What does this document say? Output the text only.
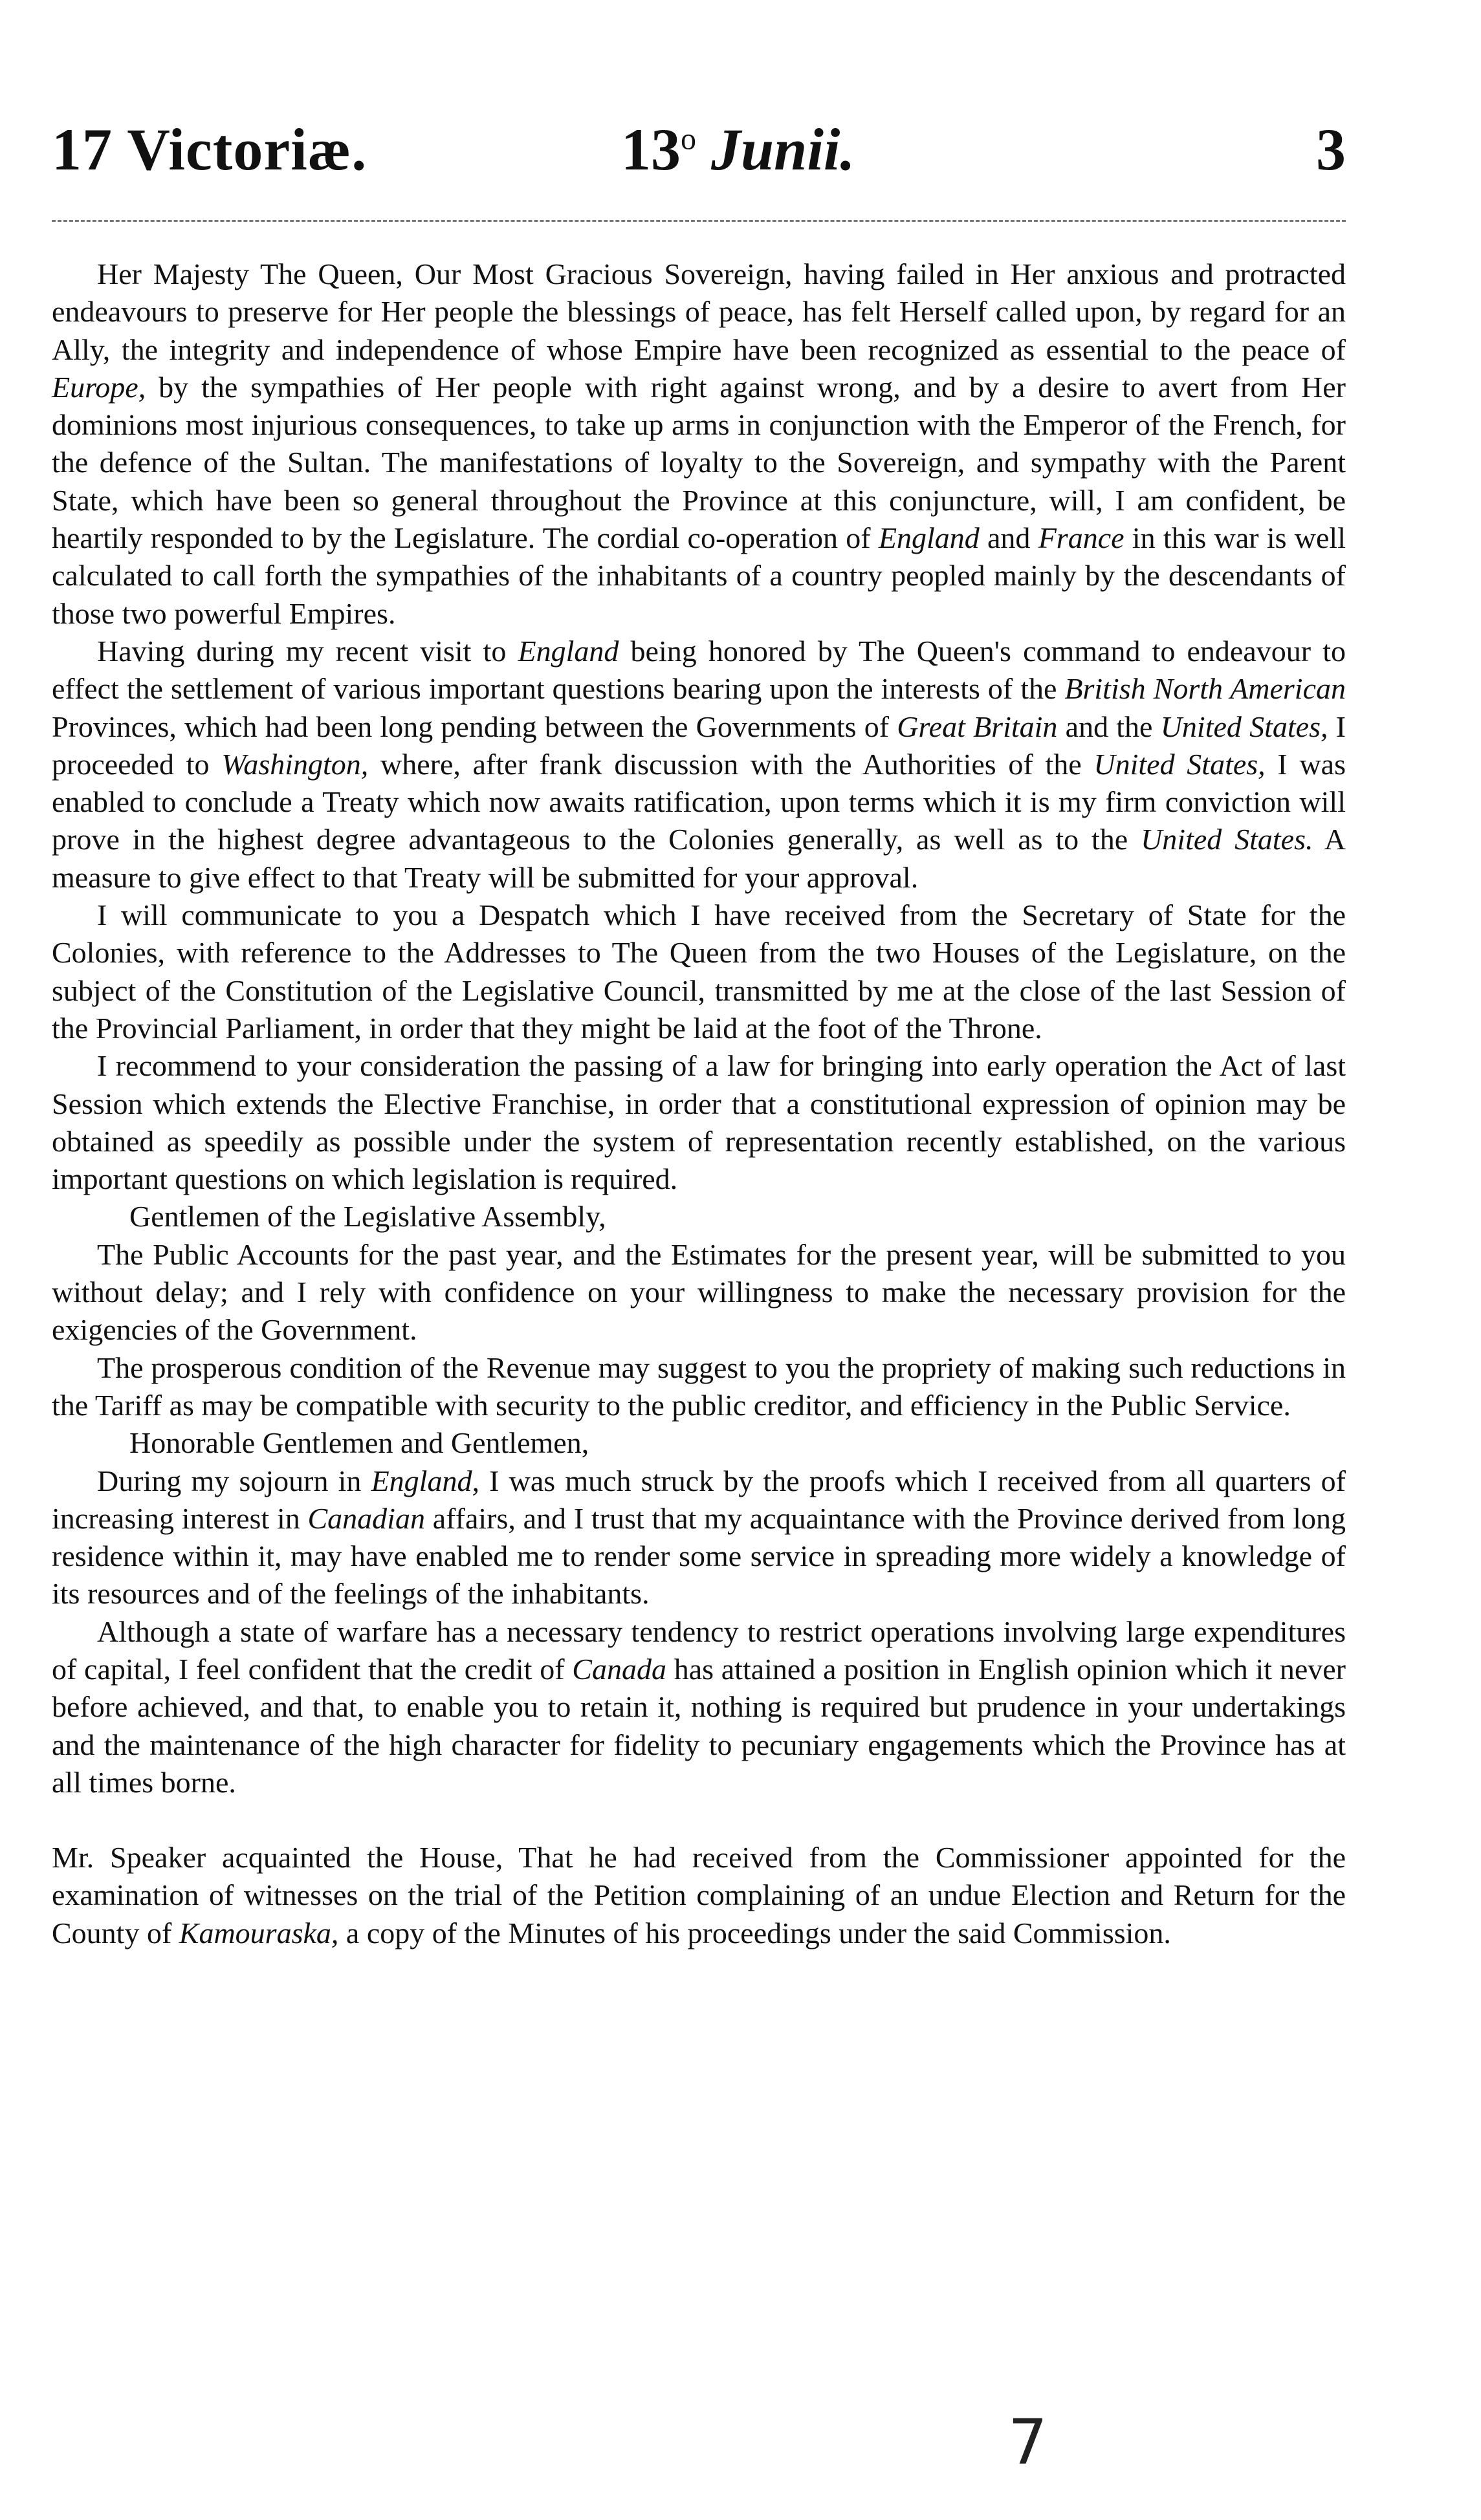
17 Victoriæ.	13$^o$ Junii.	3

Her Majesty The Queen, Our Most Gracious Sovereign, having failed in Her anxious and protracted endeavours to preserve for Her people the blessings of peace, has felt Herself called upon, by regard for an Ally, the integrity and independence of whose Empire have been recognized as essential to the peace of Europe, by the sympathies of Her people with right against wrong, and by a desire to avert from Her dominions most injurious consequences, to take up arms in conjunction with the Emperor of the French, for the defence of the Sultan. The manifestations of loyalty to the Sovereign, and sympathy with the Parent State, which have been so general throughout the Province at this conjuncture, will, I am confident, be heartily responded to by the Legislature. The cordial co-operation of England and France in this war is well calculated to call forth the sympathies of the inhabitants of a country peopled mainly by the descendants of those two powerful Empires.

Having during my recent visit to England being honored by The Queen's command to endeavour to effect the settlement of various important questions bearing upon the interests of the British North American Provinces, which had been long pending between the Governments of Great Britain and the United States, I proceeded to Washington, where, after frank discussion with the Authorities of the United States, I was enabled to conclude a Treaty which now awaits ratification, upon terms which it is my firm conviction will prove in the highest degree advantageous to the Colonies generally, as well as to the United States. A measure to give effect to that Treaty will be submitted for your approval.

I will communicate to you a Despatch which I have received from the Secretary of State for the Colonies, with reference to the Addresses to The Queen from the two Houses of the Legislature, on the subject of the Constitution of the Legislative Council, transmitted by me at the close of the last Session of the Provincial Parliament, in order that they might be laid at the foot of the Throne.

I recommend to your consideration the passing of a law for bringing into early operation the Act of last Session which extends the Elective Franchise, in order that a constitutional expression of opinion may be obtained as speedily as possible under the system of representation recently established, on the various important questions on which legislation is required.

Gentlemen of the Legislative Assembly,

The Public Accounts for the past year, and the Estimates for the present year, will be submitted to you without delay; and I rely with confidence on your willingness to make the necessary provision for the exigencies of the Government.

The prosperous condition of the Revenue may suggest to you the propriety of making such reductions in the Tariff as may be compatible with security to the public creditor, and efficiency in the Public Service.

Honorable Gentlemen and Gentlemen,

During my sojourn in England, I was much struck by the proofs which I received from all quarters of increasing interest in Canadian affairs, and I trust that my acquaintance with the Province derived from long residence within it, may have enabled me to render some service in spreading more widely a knowledge of its resources and of the feelings of the inhabitants.

Although a state of warfare has a necessary tendency to restrict operations involving large expenditures of capital, I feel confident that the credit of Canada has attained a position in English opinion which it never before achieved, and that, to enable you to retain it, nothing is required but prudence in your undertakings and the maintenance of the high character for fidelity to pecuniary engagements which the Province has at all times borne.

Mr. Speaker acquainted the House, That he had received from the Commissioner appointed for the examination of witnesses on the trial of the Petition complaining of an undue Election and Return for the County of Kamouraska, a copy of the Minutes of his proceedings under the said Commission.

7
